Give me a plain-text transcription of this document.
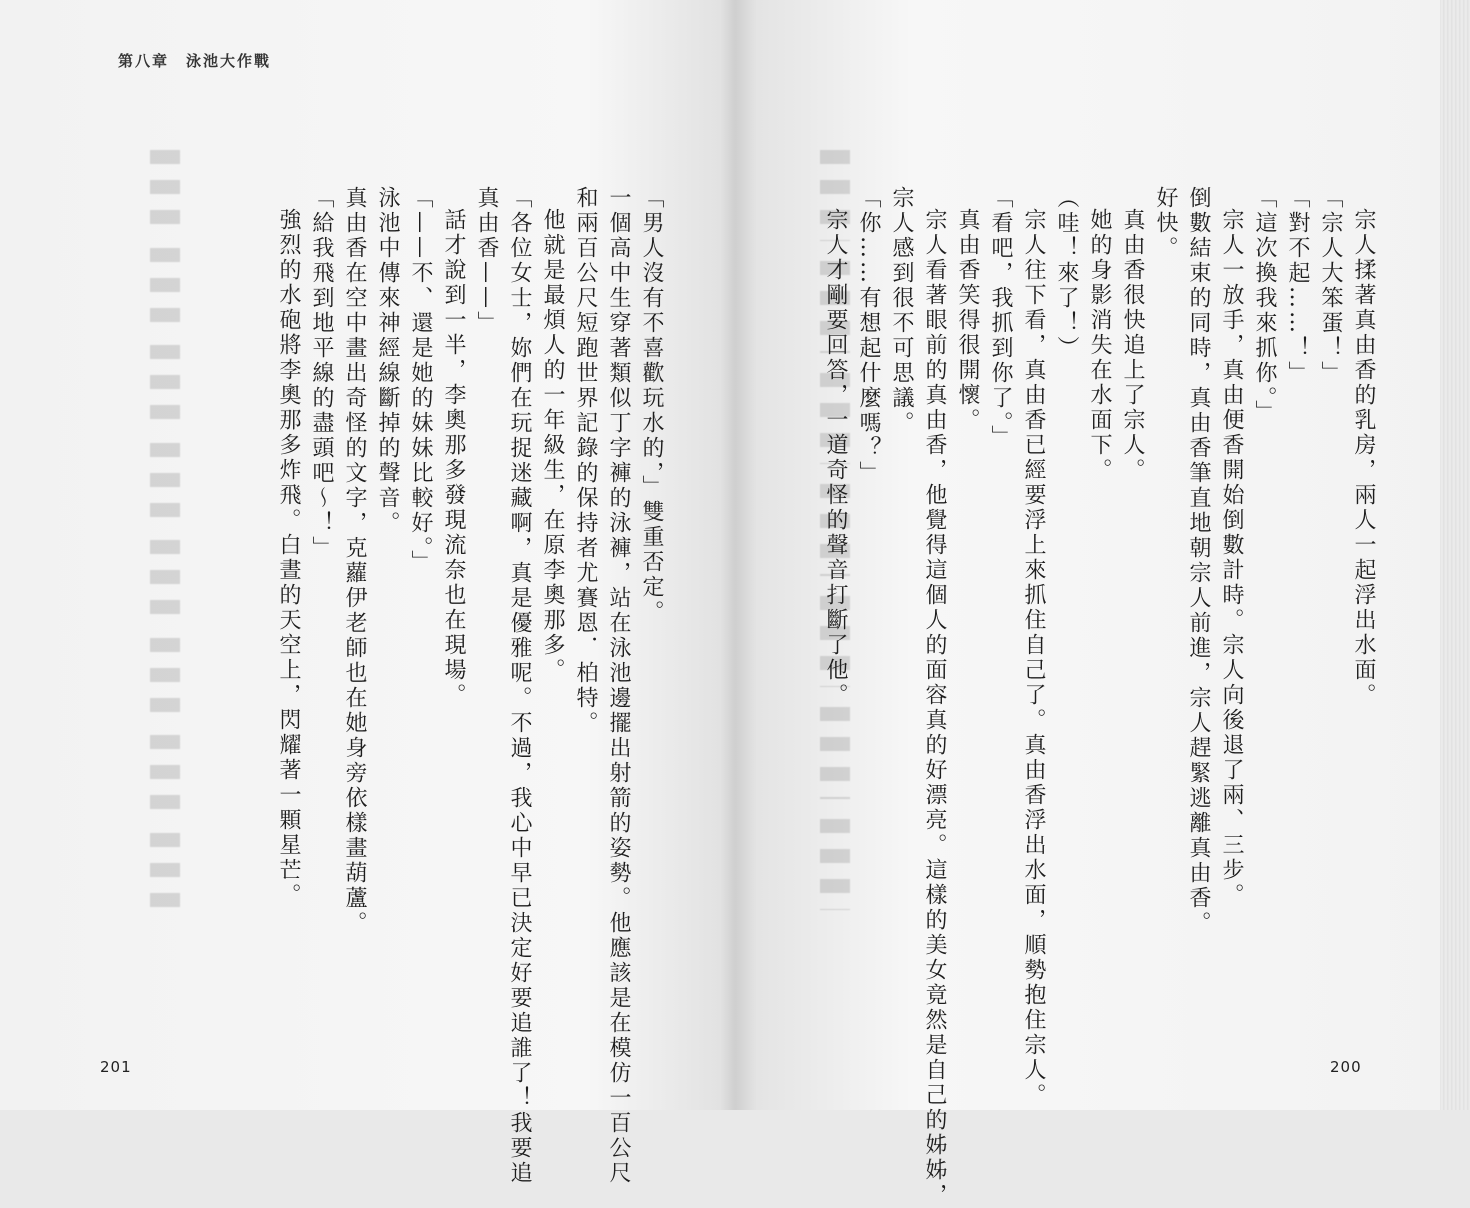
第八章　泳池大作戰
「男人沒有不喜歡玩水的，」雙重否定。
一個高中生穿著類似丁字褲的泳褲，站在泳池邊擺出射箭的姿勢。他應該是在模仿一百公尺
和兩百公尺短跑世界記錄的保持者尤賽恩．柏特。
他就是最煩人的一年級生，在原李奧那多。
「各位女士，妳們在玩捉迷藏啊，真是優雅呢。不過，我心中早已決定好要追誰了！我要追
真由香——」
話才說到一半，李奧那多發現流奈也在現場。
「——不、還是她的妹妹比較好。」
泳池中傳來神經線斷掉的聲音。
真由香在空中畫出奇怪的文字，克蘿伊老師也在她身旁依樣畫葫蘆。
「給我飛到地平線的盡頭吧～！」
強烈的水砲將李奧那多炸飛。白晝的天空上，閃耀著一顆星芒。
201
宗人揉著真由香的乳房，兩人一起浮出水面。
「宗人大笨蛋！」
「對不起……！」
「這次換我來抓你。」
宗人一放手，真由便香開始倒數計時。宗人向後退了兩、三步。
倒數結束的同時，真由香筆直地朝宗人前進，宗人趕緊逃離真由香。
好快。
真由香很快追上了宗人。
她的身影消失在水面下。
（哇！來了！）
宗人往下看，真由香已經要浮上來抓住自己了。真由香浮出水面，順勢抱住宗人。
「看吧，我抓到你了。」
真由香笑得很開懷。
宗人看著眼前的真由香，他覺得這個人的面容真的好漂亮。這樣的美女竟然是自己的姊姊，
宗人感到很不可思議。
「你……有想起什麼嗎？」
宗人才剛要回答，一道奇怪的聲音打斷了他。
200
